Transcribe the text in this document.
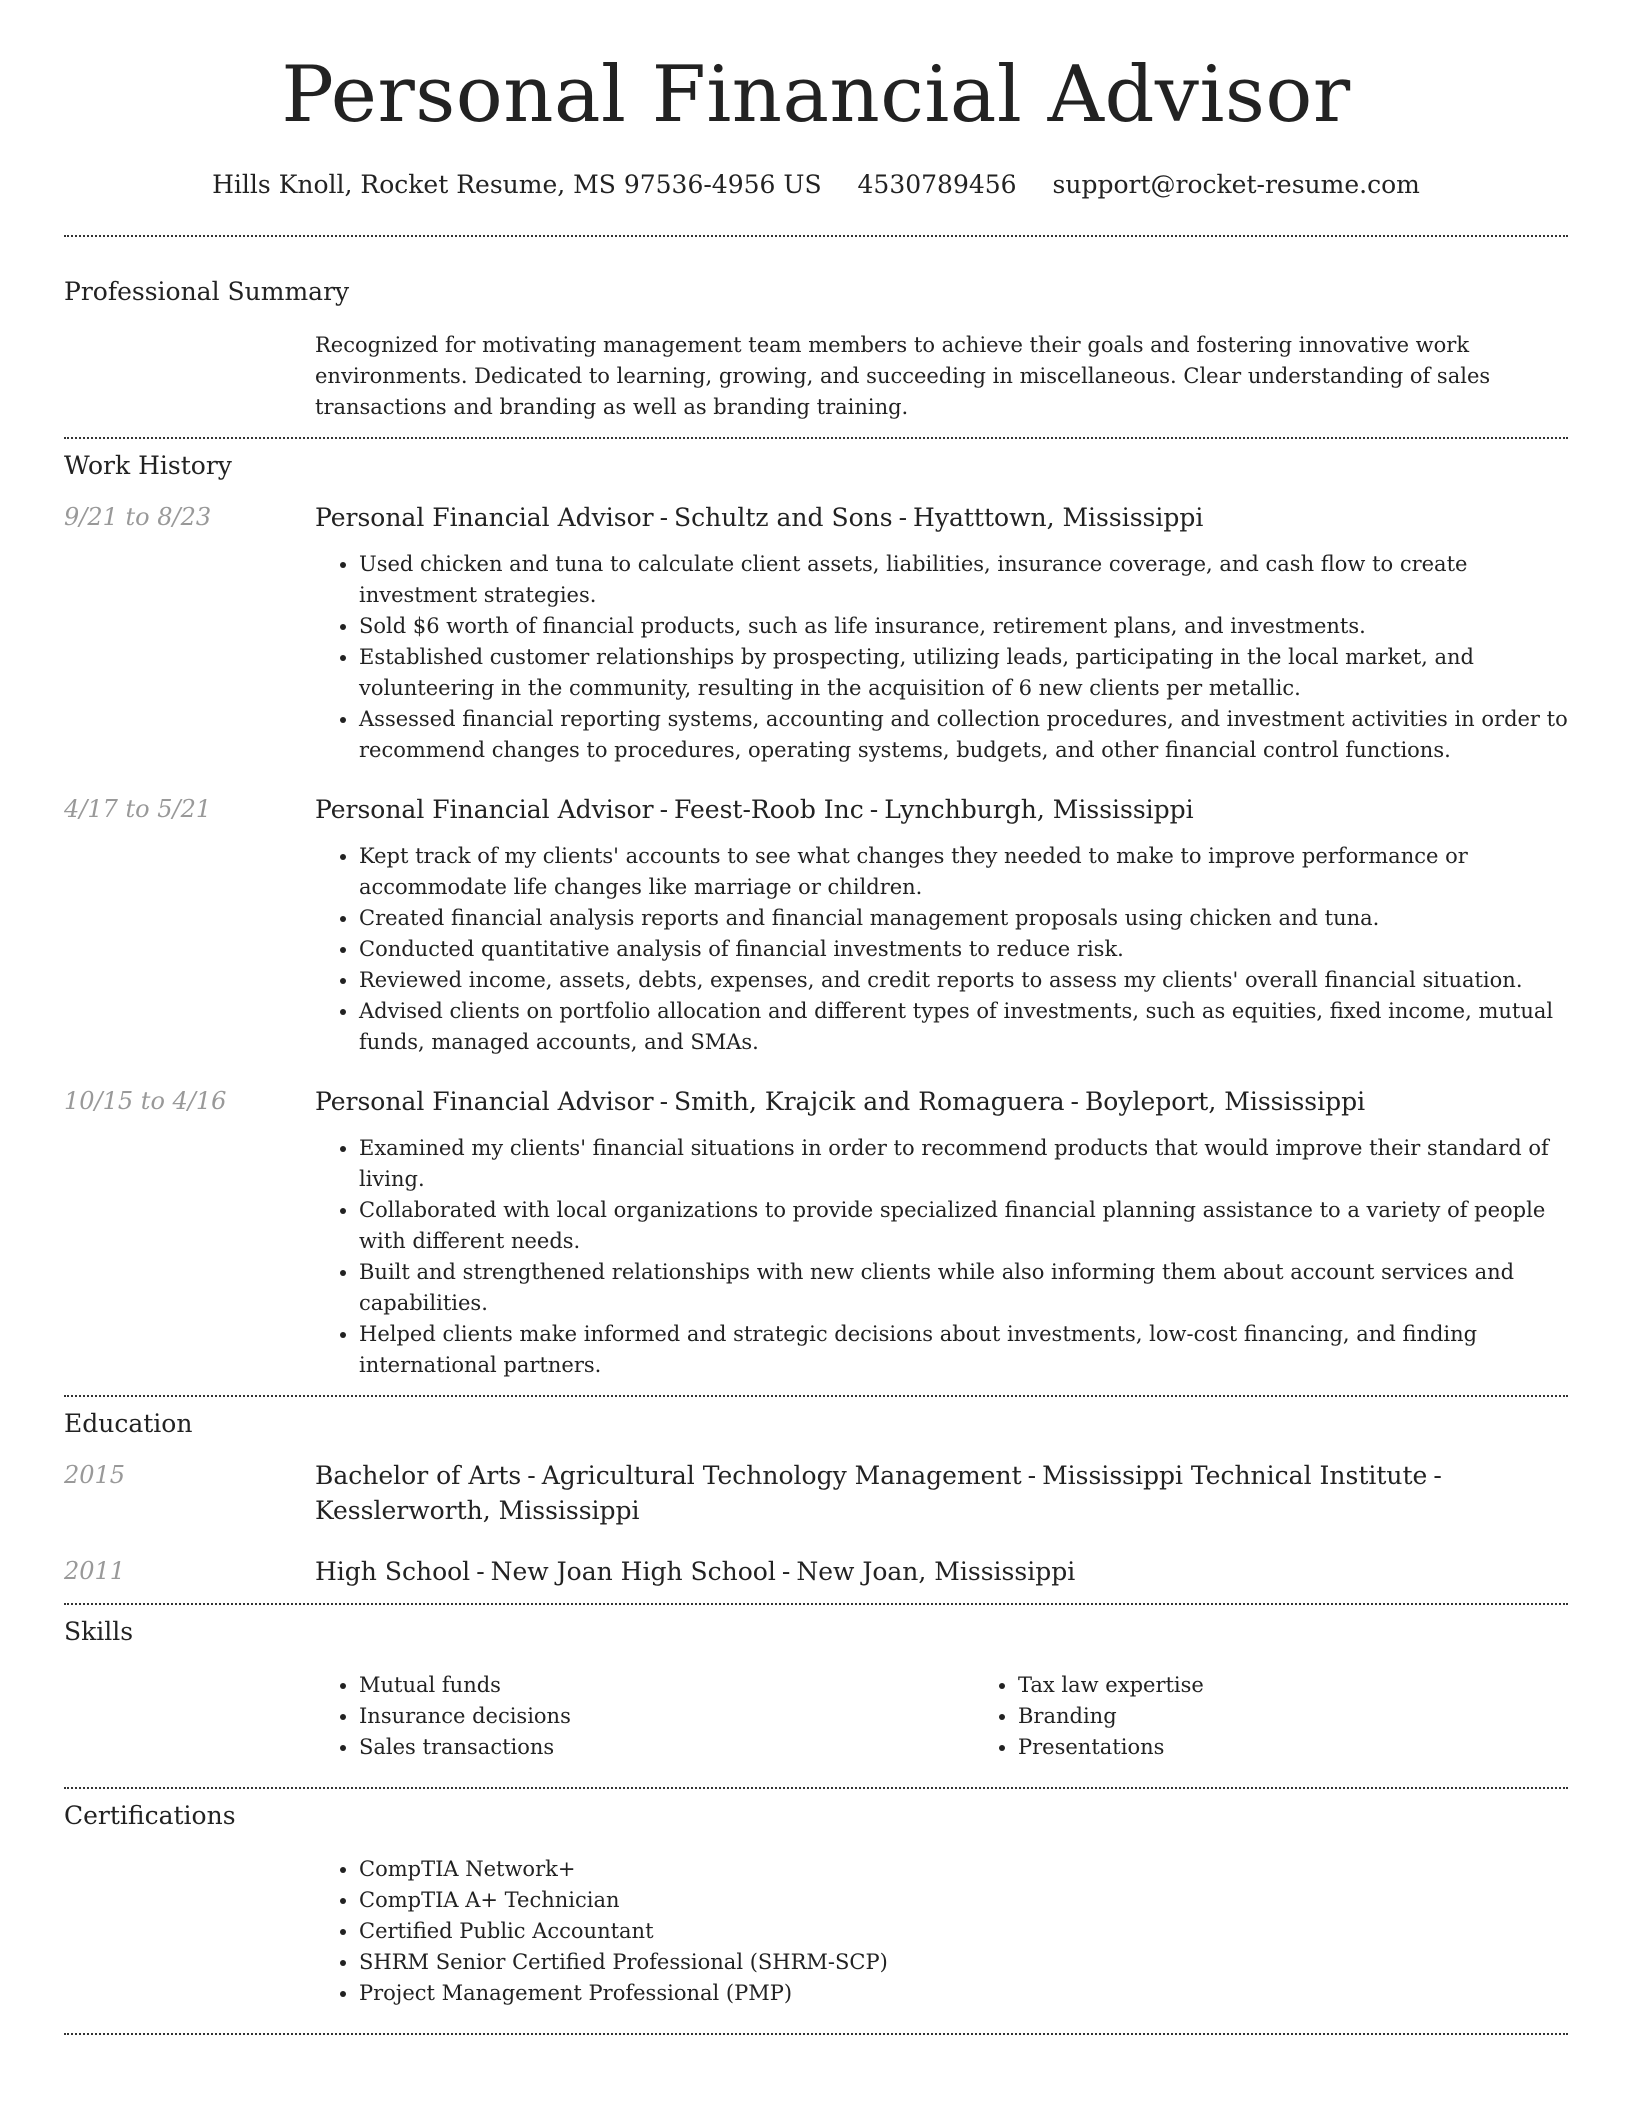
Personal Financial Advisor
Hills Knoll, Rocket Resume, MS 97536-4956 US 4530789456 support@rocket-resume.com
Professional Summary
Recognized for motivating management team members to achieve their goals and fostering innovative work environments. Dedicated to learning, growing, and succeeding in miscellaneous. Clear understanding of sales transactions and branding as well as branding training.
Work History
9/21 to 8/23	Personal Financial Advisor - Schultz and Sons - Hyatttown, Mississippi
• Used chicken and tuna to calculate client assets, liabilities, insurance coverage, and cash flow to create investment strategies.
• Sold $6 worth of financial products, such as life insurance, retirement plans, and investments.
• Established customer relationships by prospecting, utilizing leads, participating in the local market, and volunteering in the community, resulting in the acquisition of 6 new clients per metallic.
• Assessed financial reporting systems, accounting and collection procedures, and investment activities in order to recommend changes to procedures, operating systems, budgets, and other financial control functions.
4/17 to 5/21	Personal Financial Advisor - Feest-Roob Inc - Lynchburgh, Mississippi
• Kept track of my clients' accounts to see what changes they needed to make to improve performance or accommodate life changes like marriage or children.
• Created financial analysis reports and financial management proposals using chicken and tuna.
• Conducted quantitative analysis of financial investments to reduce risk.
• Reviewed income, assets, debts, expenses, and credit reports to assess my clients' overall financial situation.
• Advised clients on portfolio allocation and different types of investments, such as equities, fixed income, mutual funds, managed accounts, and SMAs.
10/15 to 4/16	Personal Financial Advisor - Smith, Krajcik and Romaguera - Boyleport, Mississippi
• Examined my clients' financial situations in order to recommend products that would improve their standard of living.
• Collaborated with local organizations to provide specialized financial planning assistance to a variety of people with different needs.
• Built and strengthened relationships with new clients while also informing them about account services and capabilities.
• Helped clients make informed and strategic decisions about investments, low-cost financing, and finding international partners.
Education
2015	Bachelor of Arts - Agricultural Technology Management - Mississippi Technical Institute -
Kesslerworth, Mississippi
2011	High School - New Joan High School - New Joan, Mississippi
Skills
• Mutual funds
• Insurance decisions
• Sales transactions
• Tax law expertise
• Branding
• Presentations
Certifications
• CompTIA Network+
• CompTIA A+ Technician
• Certified Public Accountant
• SHRM Senior Certified Professional (SHRM-SCP)
• Project Management Professional (PMP)
